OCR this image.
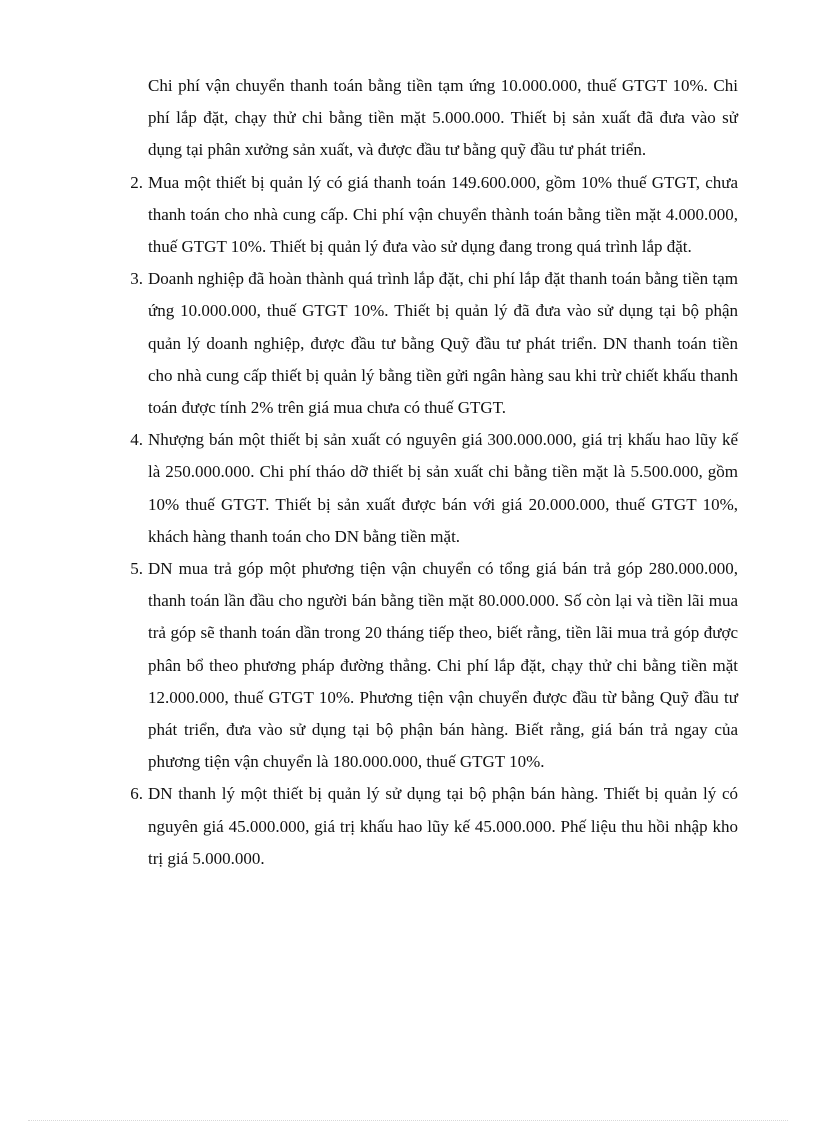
Chi phí vận chuyển thanh toán bằng tiền tạm ứng 10.000.000, thuế GTGT 10%. Chi phí lắp đặt, chạy thử chi bằng tiền mặt 5.000.000. Thiết bị sản xuất đã đưa vào sử dụng tại phân xưởng sản xuất, và được đầu tư bằng quỹ đầu tư phát triển.

2. Mua một thiết bị quản lý có giá thanh toán 149.600.000, gồm 10% thuế GTGT, chưa thanh toán cho nhà cung cấp. Chi phí vận chuyển thành toán bằng tiền mặt 4.000.000, thuế GTGT 10%. Thiết bị quản lý đưa vào sử dụng đang trong quá trình lắp đặt.
3. Doanh nghiệp đã hoàn thành quá trình lắp đặt, chi phí lắp đặt thanh toán bằng tiền tạm ứng 10.000.000, thuế GTGT 10%. Thiết bị quản lý đã đưa vào sử dụng tại bộ phận quản lý doanh nghiệp, được đầu tư bằng Quỹ đầu tư phát triển. DN thanh toán tiền cho nhà cung cấp thiết bị quản lý bằng tiền gửi ngân hàng sau khi trừ chiết khấu thanh toán được tính 2% trên giá mua chưa có thuế GTGT.
4. Nhượng bán một thiết bị sản xuất có nguyên giá 300.000.000, giá trị khấu hao lũy kế là 250.000.000. Chi phí tháo dỡ thiết bị sản xuất chi bằng tiền mặt là 5.500.000, gồm 10% thuế GTGT. Thiết bị sản xuất được bán với giá 20.000.000, thuế GTGT 10%, khách hàng thanh toán cho DN bằng tiền mặt.
5. DN mua trả góp một phương tiện vận chuyển có tổng giá bán trả góp 280.000.000, thanh toán lần đầu cho người bán bằng tiền mặt 80.000.000. Số còn lại và tiền lãi mua trả góp sẽ thanh toán dần trong 20 tháng tiếp theo, biết rằng, tiền lãi mua trả góp được phân bổ theo phương pháp đường thẳng. Chi phí lắp đặt, chạy thử chi bằng tiền mặt 12.000.000, thuế GTGT 10%. Phương tiện vận chuyển được đầu từ bằng Quỹ đầu tư phát triển, đưa vào sử dụng tại bộ phận bán hàng. Biết rằng, giá bán trả ngay của phương tiện vận chuyển là 180.000.000, thuế GTGT 10%.
6. DN thanh lý một thiết bị quản lý sử dụng tại bộ phận bán hàng. Thiết bị quản lý có nguyên giá 45.000.000, giá trị khấu hao lũy kế 45.000.000. Phế liệu thu hồi nhập kho trị giá 5.000.000.
